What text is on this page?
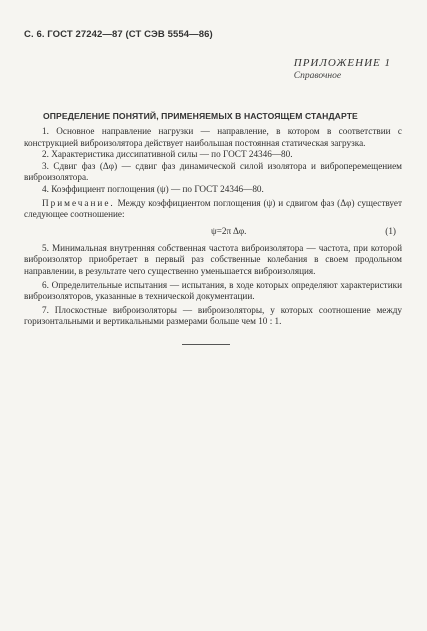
С. 6. ГОСТ 27242—87 (СТ СЭВ 5554—86)
ПРИЛОЖЕНИЕ 1
Справочное
ОПРЕДЕЛЕНИЕ ПОНЯТИЙ, ПРИМЕНЯЕМЫХ В НАСТОЯЩЕМ СТАНДАРТЕ

1. Основное направление нагрузки — направление, в котором в соответствии с конструкцией виброизолятора действует наибольшая постоянная статическая загрузка.

2. Характеристика диссипативной силы — по ГОСТ 24346—80.

3. Сдвиг фаз (Δφ) — сдвиг фаз динамической силой изолятора и виброперемещением виброизолятора.

4. Коэффициент поглощения (ψ) — по ГОСТ 24346—80.

Примечание. Между коэффициентом поглощения (ψ) и сдвигом фаз (Δφ) существует следующее соотношение:

ψ=2π Δφ.	(1)

5. Минимальная внутренняя собственная частота виброизолятора — частота, при которой виброизолятор приобретает в первый раз собственные колебания в своем продольном направлении, в результате чего существенно уменьшается виброизоляция.

6. Определительные испытания — испытания, в ходе которых определяют характеристики виброизоляторов, указанные в технической документации.

7. Плоскостные виброизоляторы — виброизоляторы, у которых соотношение между горизонтальными и вертикальными размерами больше чем 10 : 1.
